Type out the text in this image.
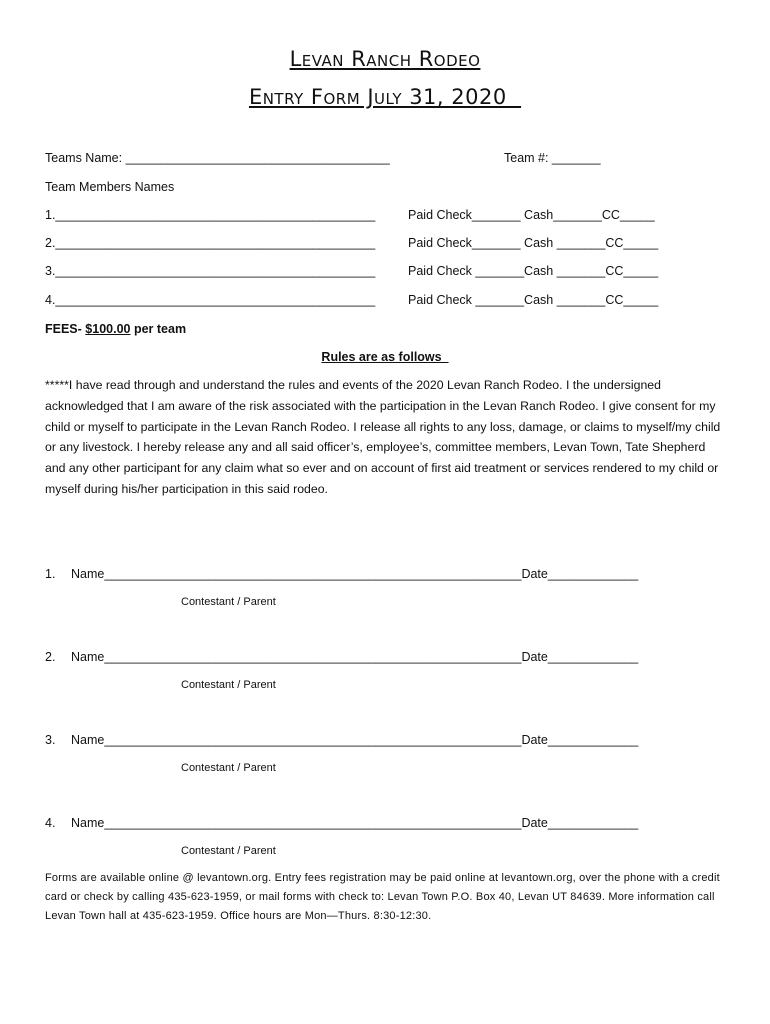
Levan Ranch Rodeo
Entry Form July 31, 2020
Teams Name: ______________________________________	Team #: _______
Team Members Names
1.______________________________________________	Paid Check_______ Cash_______CC_____
2.______________________________________________	Paid Check_______ Cash _______CC_____
3.______________________________________________	Paid Check _______Cash _______CC_____
4.______________________________________________	Paid Check _______Cash _______CC_____
FEES- $100.00 per team
Rules are as follows
*****I have read through and understand the rules and events of the 2020 Levan Ranch Rodeo. I the undersigned acknowledged that I am aware of the risk associated with the participation in the Levan Ranch Rodeo. I give consent for my child or myself to participate in the Levan Ranch Rodeo. I release all rights to any loss, damage, or claims to myself/my child or any livestock. I hereby release any and all said officer’s, employee’s, committee members, Levan Town, Tate Shepherd and any other participant for any claim what so ever and on account of first aid treatment or services rendered to my child or myself during his/her participation in this said rodeo.
1. Name____________________________________________________________Date_____________
Contestant / Parent
2. Name____________________________________________________________Date_____________
Contestant / Parent
3. Name____________________________________________________________Date_____________
Contestant / Parent
4. Name____________________________________________________________Date_____________
Contestant / Parent
Forms are available online @ levantown.org. Entry fees registration may be paid online at levantown.org, over the phone with a credit card or check by calling 435-623-1959, or mail forms with check to: Levan Town P.O. Box 40, Levan UT 84639. More information call Levan Town hall at 435-623-1959. Office hours are Mon—Thurs. 8:30-12:30.
